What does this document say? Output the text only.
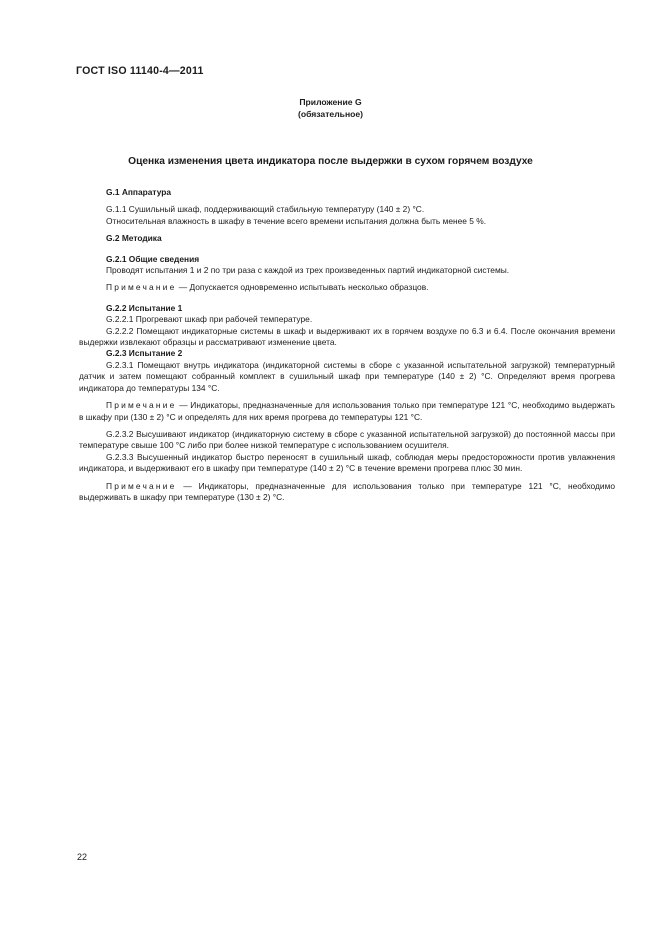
ГОСТ ISO 11140-4—2011
Приложение G
(обязательное)
Оценка изменения цвета индикатора после выдержки в сухом горячем воздухе

G.1 Аппаратура

G.1.1 Сушильный шкаф, поддерживающий стабильную температуру (140 ± 2) °С.

Относительная влажность в шкафу в течение всего времени испытания должна быть менее 5 %.

G.2 Методика

G.2.1 Общие сведения

Проводят испытания 1 и 2 по три раза с каждой из трех произведенных партий индикаторной системы.

Примечание — Допускается одновременно испытывать несколько образцов.

G.2.2 Испытание 1

G.2.2.1 Прогревают шкаф при рабочей температуре.

G.2.2.2 Помещают индикаторные системы в шкаф и выдерживают их в горячем воздухе по 6.3 и 6.4. После окончания времени выдержки извлекают образцы и рассматривают изменение цвета.

G.2.3 Испытание 2

G.2.3.1 Помещают внутрь индикатора (индикаторной системы в сборе с указанной испытательной загрузкой) температурный датчик и затем помещают собранный комплект в сушильный шкаф при температуре (140 ± 2) °С. Определяют время прогрева индикатора до температуры 134 °С.

Примечание — Индикаторы, предназначенные для использования только при температуре 121 °С, необходимо выдержать в шкафу при (130 ± 2) °С и определять для них время прогрева до температуры 121 °С.

G.2.3.2 Высушивают индикатор (индикаторную систему в сборе с указанной испытательной загрузкой) до постоянной массы при температуре свыше 100 °С либо при более низкой температуре с использованием осушителя.

G.2.3.3 Высушенный индикатор быстро переносят в сушильный шкаф, соблюдая меры предосторожности против увлажнения индикатора, и выдерживают его в шкафу при температуре (140 ± 2) °С в течение времени прогрева плюс 30 мин.

Примечание — Индикаторы, предназначенные для использования только при температуре 121 °С, необходимо выдерживать в шкафу при температуре (130 ± 2) °С.

22
